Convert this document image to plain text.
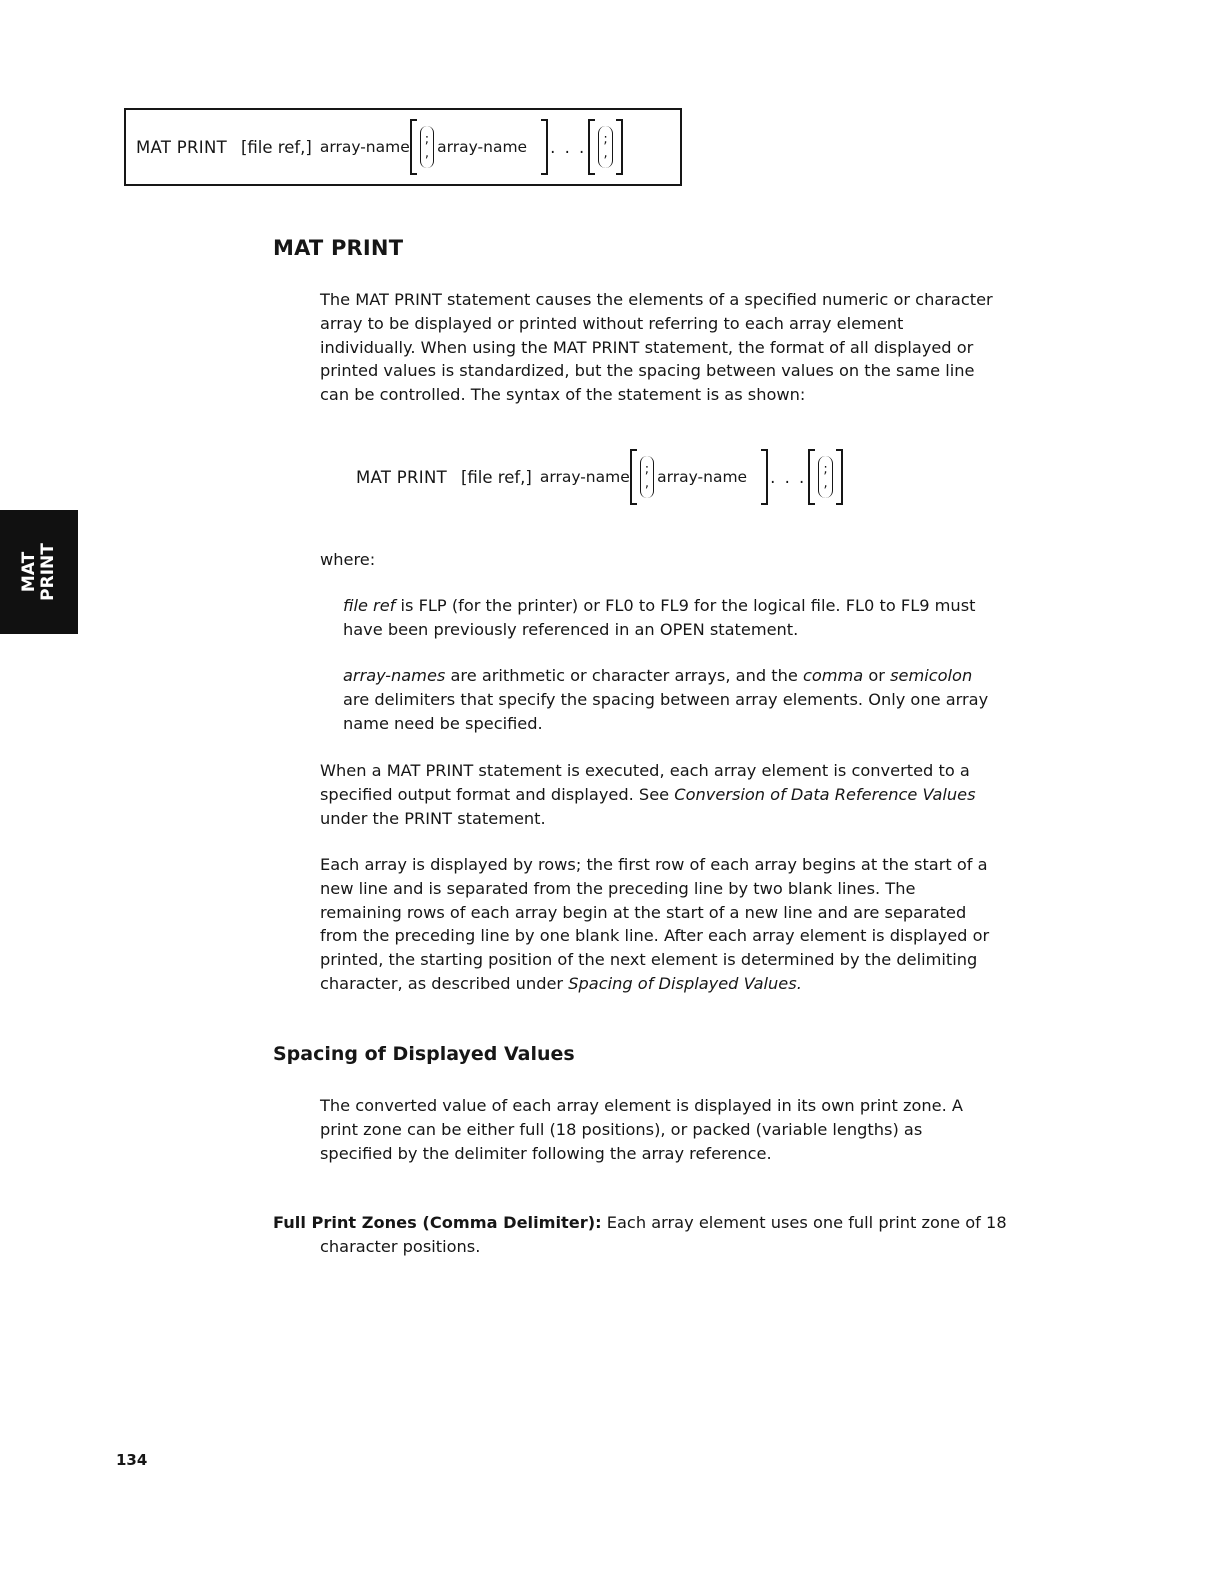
MAT PRINT [file ref,] array-name ;
, array-name . . . ;
,
MAT PRINT

The MAT PRINT statement causes the elements of a specified numeric or character array to be displayed or printed without referring to each array element individually. When using the MAT PRINT statement, the format of all displayed or printed values is standardized, but the spacing between values on the same line can be controlled. The syntax of the statement is as shown:

MAT PRINT [file ref,] array-name ;
, array-name . . . ;
,

where:

file ref is FLP (for the printer) or FL0 to FL9 for the logical file. FL0 to FL9 must have been previously referenced in an OPEN statement.

array-names are arithmetic or character arrays, and the comma or semicolon are delimiters that specify the spacing between array elements. Only one array name need be specified.

When a MAT PRINT statement is executed, each array element is converted to a specified output format and displayed. See Conversion of Data Reference Values under the PRINT statement.

Each array is displayed by rows; the first row of each array begins at the start of a new line and is separated from the preceding line by two blank lines. The remaining rows of each array begin at the start of a new line and are separated from the preceding line by one blank line. After each array element is displayed or printed, the starting position of the next element is determined by the delimiting character, as described under Spacing of Displayed Values.

Spacing of Displayed Values

The converted value of each array element is displayed in its own print zone. A print zone can be either full (18 positions), or packed (variable lengths) as specified by the delimiter following the array reference.

Full Print Zones (Comma Delimiter): Each array element uses one full print zone of 18 character positions.

MAT PRINT
134
